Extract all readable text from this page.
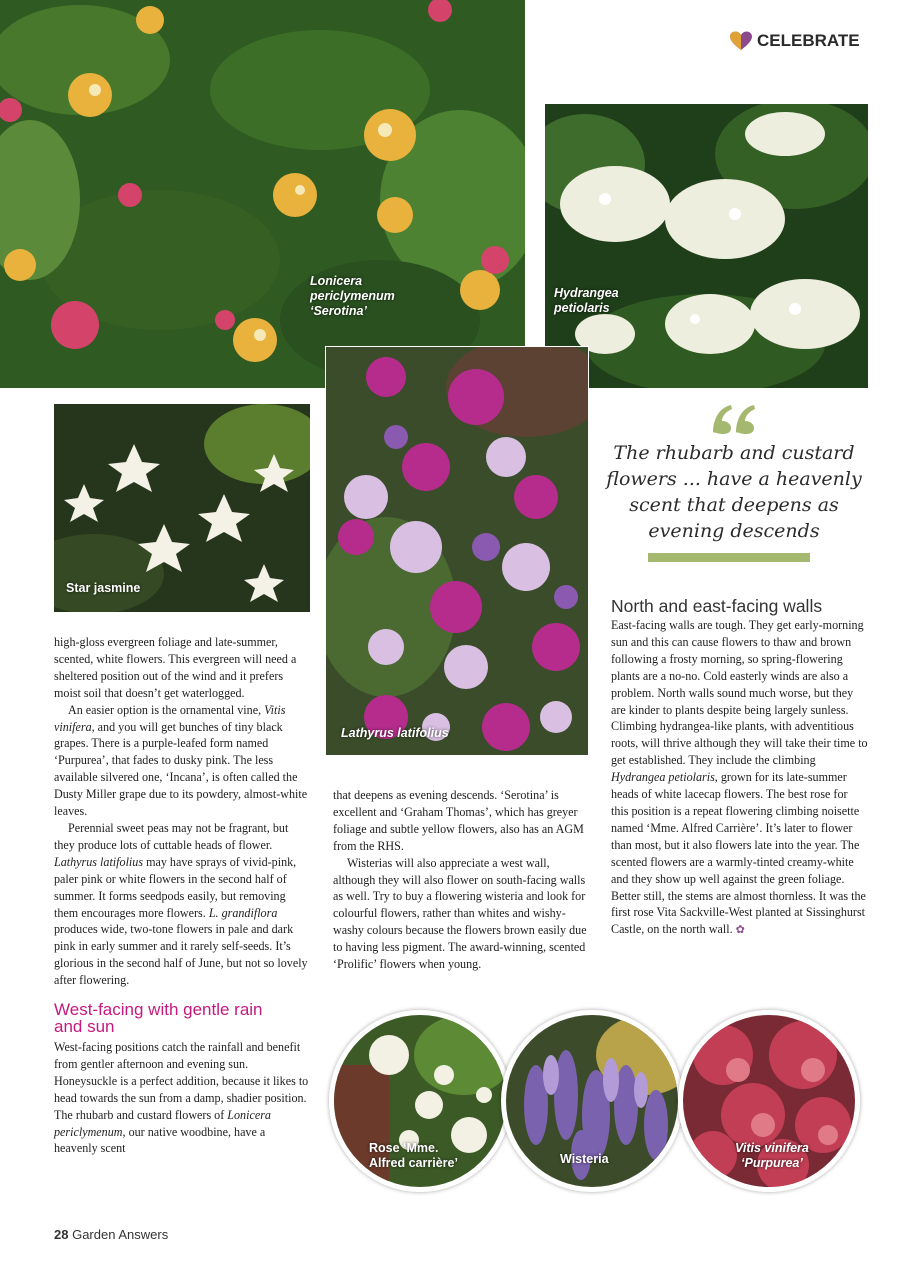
CELEBRATE
Lonicera
periclymenum
‘Serotina’
Hydrangea
petiolaris
Star jasmine
Lathyrus latifolius
The rhubarb and custard flowers ... have a heavenly scent that deepens as evening descends

high-gloss evergreen foliage and late-summer, scented, white flowers. This evergreen will need a sheltered position out of the wind and it prefers moist soil that doesn’t get waterlogged.

An easier option is the ornamental vine, Vitis vinifera, and you will get bunches of tiny black grapes. There is a purple-leafed form named ‘Purpurea’, that fades to dusky pink. The less available silvered one, ‘Incana’, is often called the Dusty Miller grape due to its powdery, almost-white leaves.

Perennial sweet peas may not be fragrant, but they produce lots of cuttable heads of flower. Lathyrus latifolius may have sprays of vivid-pink, paler pink or white flowers in the second half of summer. It forms seedpods easily, but removing them encourages more flowers. L. grandiflora produces wide, two-tone flowers in pale and dark pink in early summer and it rarely self-seeds. It’s glorious in the second half of June, but not so lovely after flowering.

West-facing with gentle rain and sun

West-facing positions catch the rainfall and benefit from gentler afternoon and evening sun. Honeysuckle is a perfect addition, because it likes to head towards the sun from a damp, shadier position. The rhubarb and custard flowers of Lonicera periclymenum, our native woodbine, have a heavenly scent

that deepens as evening descends. ‘Serotina’ is excellent and ‘Graham Thomas’, which has greyer foliage and subtle yellow flowers, also has an AGM from the RHS.

Wisterias will also appreciate a west wall, although they will also flower on south-facing walls as well. Try to buy a flowering wisteria and look for colourful flowers, rather than whites and wishy-washy colours because the flowers brown easily due to having less pigment. The award-winning, scented ‘Prolific’ flowers when young.

North and east-facing walls

East-facing walls are tough. They get early-morning sun and this can cause flowers to thaw and brown following a frosty morning, so spring-flowering plants are a no-no. Cold easterly winds are also a problem. North walls sound much worse, but they are kinder to plants despite being largely sunless. Climbing hydrangea-like plants, with adventitious roots, will thrive although they will take their time to get established. They include the climbing Hydrangea petiolaris, grown for its late-summer heads of white lacecap flowers. The best rose for this position is a repeat flowering climbing noisette named ‘Mme. Alfred Carrière’. It’s later to flower than most, but it also flowers late into the year. The scented flowers are a warmly-tinted creamy-white and they show up well against the green foliage. Better still, the stems are almost thornless. It was the first rose Vita Sackville-West planted at Sissinghurst Castle, on the north wall. ✿

Rose ‘Mme.
Alfred carrière’	Wisteria
Vitis vinifera
‘Purpurea’
28 Garden Answers
